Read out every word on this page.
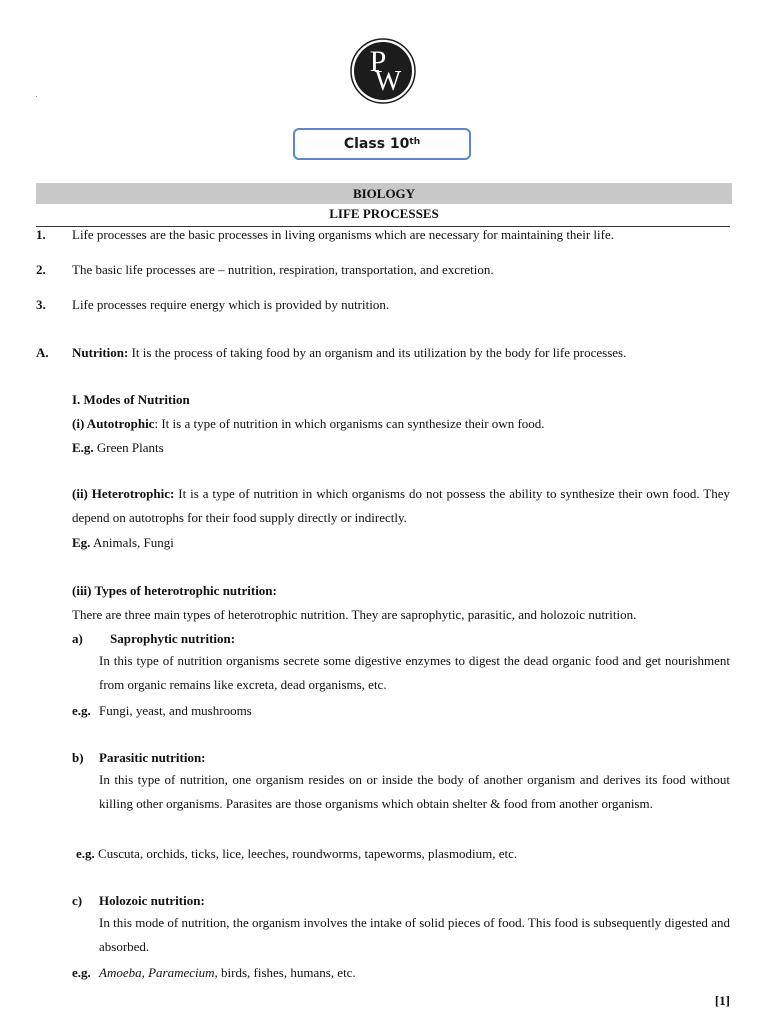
P
W
Class 10th
BIOLOGY
LIFE PROCESSES
1. Life processes are the basic processes in living organisms which are necessary for maintaining their life.
2. The basic life processes are – nutrition, respiration, transportation, and excretion.
3. Life processes require energy which is provided by nutrition.
A. Nutrition: It is the process of taking food by an organism and its utilization by the body for life processes.
I. Modes of Nutrition
(i) Autotrophic: It is a type of nutrition in which organisms can synthesize their own food.
E.g. Green Plants
(ii) Heterotrophic: It is a type of nutrition in which organisms do not possess the ability to synthesize their own food. They depend on autotrophs for their food supply directly or indirectly.
Eg. Animals, Fungi
(iii) Types of heterotrophic nutrition:
There are three main types of heterotrophic nutrition. They are saprophytic, parasitic, and holozoic nutrition.
a) Saprophytic nutrition:
In this type of nutrition organisms secrete some digestive enzymes to digest the dead organic food and get nourishment from organic remains like excreta, dead organisms, etc.
e.g. Fungi, yeast, and mushrooms
b) Parasitic nutrition:
In this type of nutrition, one organism resides on or inside the body of another organism and derives its food without killing other organisms. Parasites are those organisms which obtain shelter & food from another organism.
e.g. Cuscuta, orchids, ticks, lice, leeches, roundworms, tapeworms, plasmodium, etc.
c) Holozoic nutrition:
In this mode of nutrition, the organism involves the intake of solid pieces of food. This food is subsequently digested and absorbed.
e.g. Amoeba, Paramecium, birds, fishes, humans, etc.
[1]
